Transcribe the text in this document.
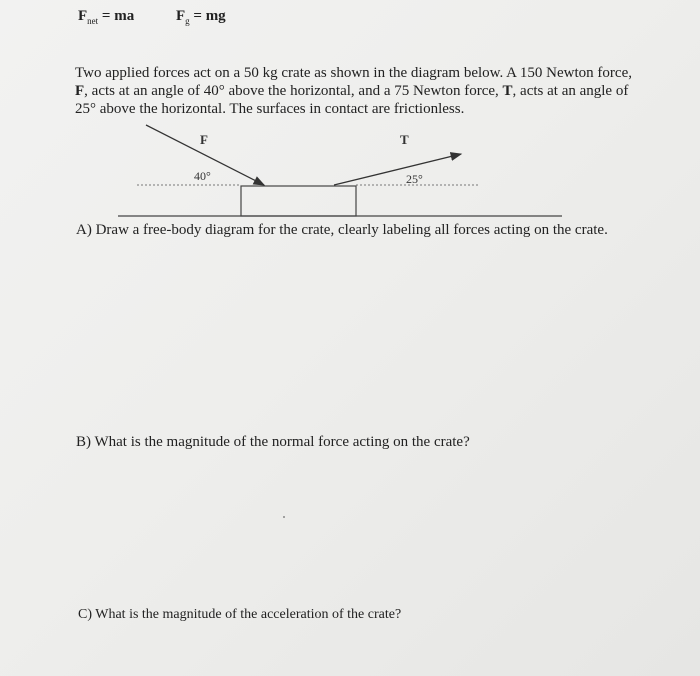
$F_{net}$ = ma	$F_g$ = mg
Two applied forces act on a 50 kg crate as shown in the diagram below. A 150 Newton force, F, acts at an angle of 40° above the horizontal, and a 75 Newton force, T, acts at an angle of 25° above the horizontal. The surfaces in contact are frictionless.
F	T
40°	25°
A) Draw a free-body diagram for the crate, clearly labeling all forces acting on the crate.
B) What is the magnitude of the normal force acting on the crate?
C) What is the magnitude of the acceleration of the crate?
